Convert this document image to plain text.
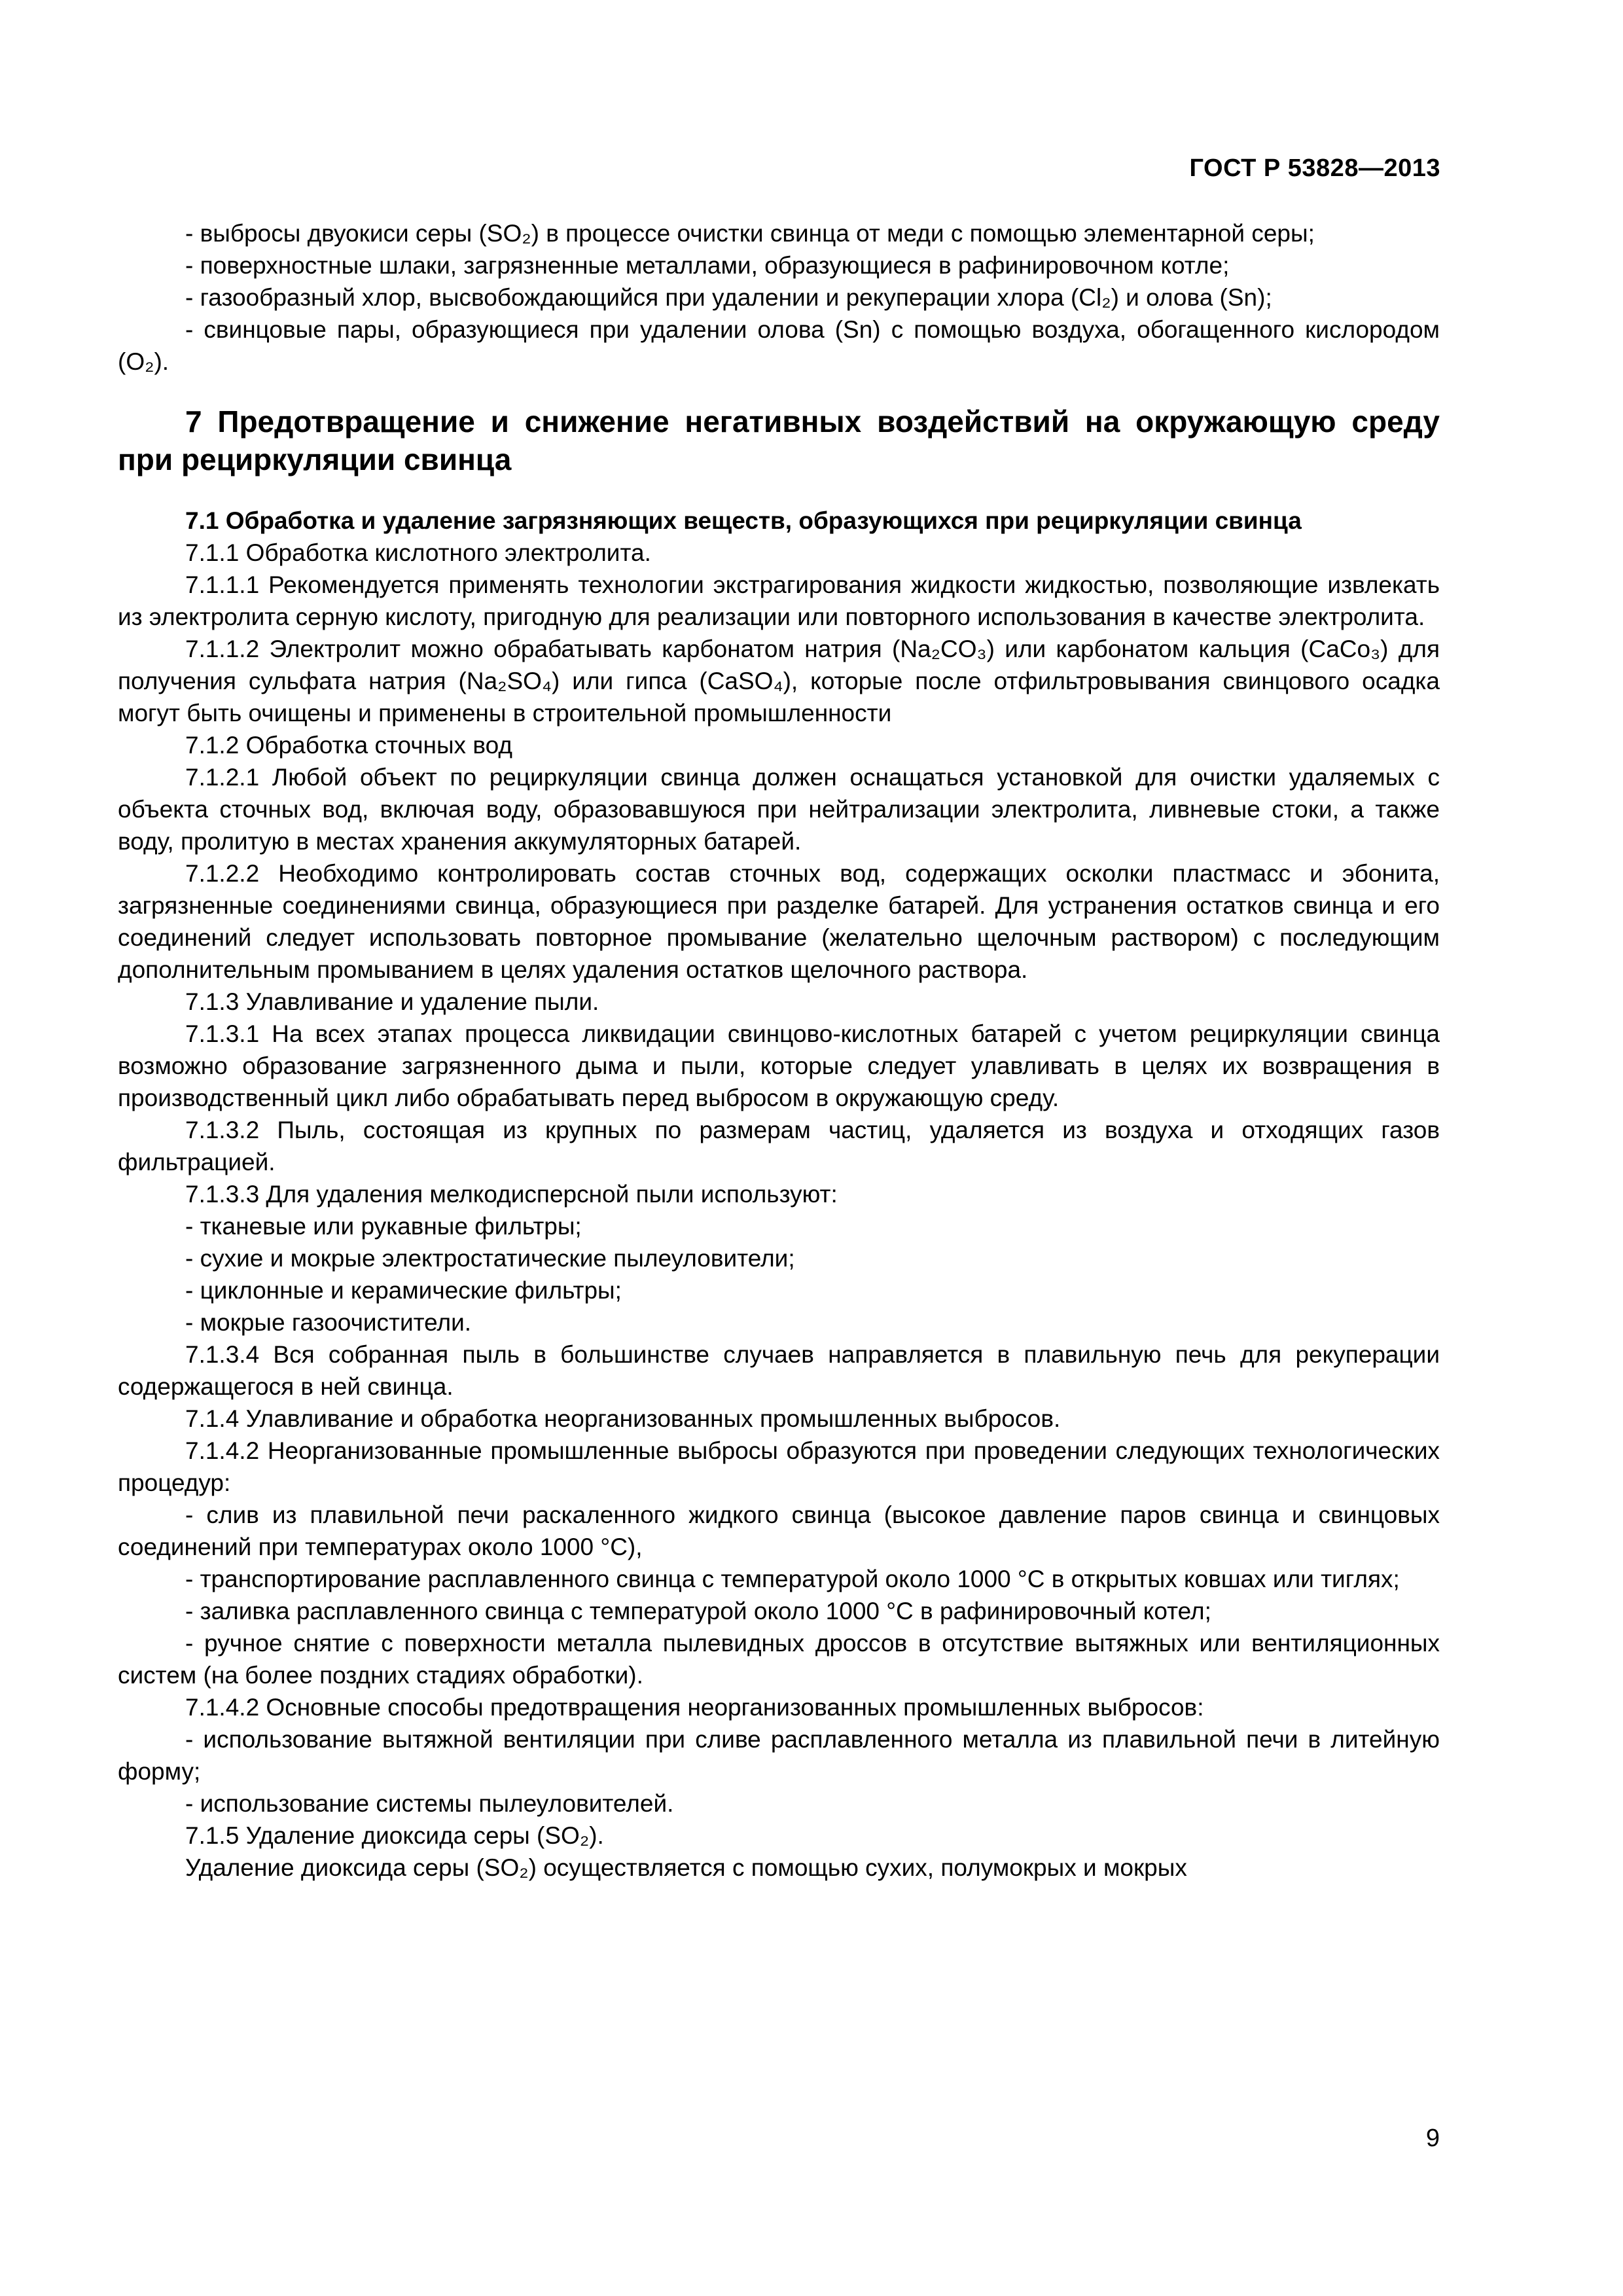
ГОСТ Р 53828—2013

- выбросы двуокиси серы (SO₂) в процессе очистки свинца от меди с помощью элементарной серы;

- поверхностные шлаки, загрязненные металлами, образующиеся в рафинировочном котле;

- газообразный хлор, высвобождающийся при удалении и рекуперации хлора (Cl₂) и олова (Sn);

- свинцовые пары, образующиеся при удалении олова (Sn) с помощью воздуха, обогащенного кислородом (O₂).

7 Предотвращение и снижение негативных воздействий на окружающую среду при рециркуляции свинца

7.1 Обработка и удаление загрязняющих веществ, образующихся при рециркуляции свинца

7.1.1 Обработка кислотного электролита.

7.1.1.1 Рекомендуется применять технологии экстрагирования жидкости жидкостью, позволяющие извлекать из электролита серную кислоту, пригодную для реализации или повторного использования в качестве электролита.

7.1.1.2 Электролит можно обрабатывать карбонатом натрия (Na₂CO₃) или карбонатом кальция (CaCo₃) для получения сульфата натрия (Na₂SO₄) или гипса (CaSO₄), которые после отфильтровывания свинцового осадка могут быть очищены и применены в строительной промышленности

7.1.2 Обработка сточных вод

7.1.2.1 Любой объект по рециркуляции свинца должен оснащаться установкой для очистки удаляемых с объекта сточных вод, включая воду, образовавшуюся при нейтрализации электролита, ливневые стоки, а также воду, пролитую в местах хранения аккумуляторных батарей.

7.1.2.2 Необходимо контролировать состав сточных вод, содержащих осколки пластмасс и эбонита, загрязненные соединениями свинца, образующиеся при разделке батарей. Для устранения остатков свинца и его соединений следует использовать повторное промывание (желательно щелочным раствором) с последующим дополнительным промыванием в целях удаления остатков щелочного раствора.

7.1.3 Улавливание и удаление пыли.

7.1.3.1 На всех этапах процесса ликвидации свинцово-кислотных батарей с учетом рециркуляции свинца возможно образование загрязненного дыма и пыли, которые следует улавливать в целях их возвращения в производственный цикл либо обрабатывать перед выбросом в окружающую среду.

7.1.3.2 Пыль, состоящая из крупных по размерам частиц, удаляется из воздуха и отходящих газов фильтрацией.

7.1.3.3 Для удаления мелкодисперсной пыли используют:

- тканевые или рукавные фильтры;

- сухие и мокрые электростатические пылеуловители;

- циклонные и керамические фильтры;

- мокрые газоочистители.

7.1.3.4 Вся собранная пыль в большинстве случаев направляется в плавильную печь для рекуперации содержащегося в ней свинца.

7.1.4 Улавливание и обработка неорганизованных промышленных выбросов.

7.1.4.2 Неорганизованные промышленные выбросы образуются при проведении следующих технологических процедур:

- слив из плавильной печи раскаленного жидкого свинца (высокое давление паров свинца и свинцовых соединений при температурах около 1000 °С),

- транспортирование расплавленного свинца с температурой около 1000 °С в открытых ковшах или тиглях;

- заливка расплавленного свинца с температурой около 1000 °С в рафинировочный котел;

- ручное снятие с поверхности металла пылевидных дроссов в отсутствие вытяжных или вентиляционных систем (на более поздних стадиях обработки).

7.1.4.2 Основные способы предотвращения неорганизованных промышленных выбросов:

- использование вытяжной вентиляции при сливе расплавленного металла из плавильной печи в литейную форму;

- использование системы пылеуловителей.

7.1.5 Удаление диоксида серы (SO₂).

Удаление диоксида серы (SO₂) осуществляется с помощью сухих, полумокрых и мокрых

9
